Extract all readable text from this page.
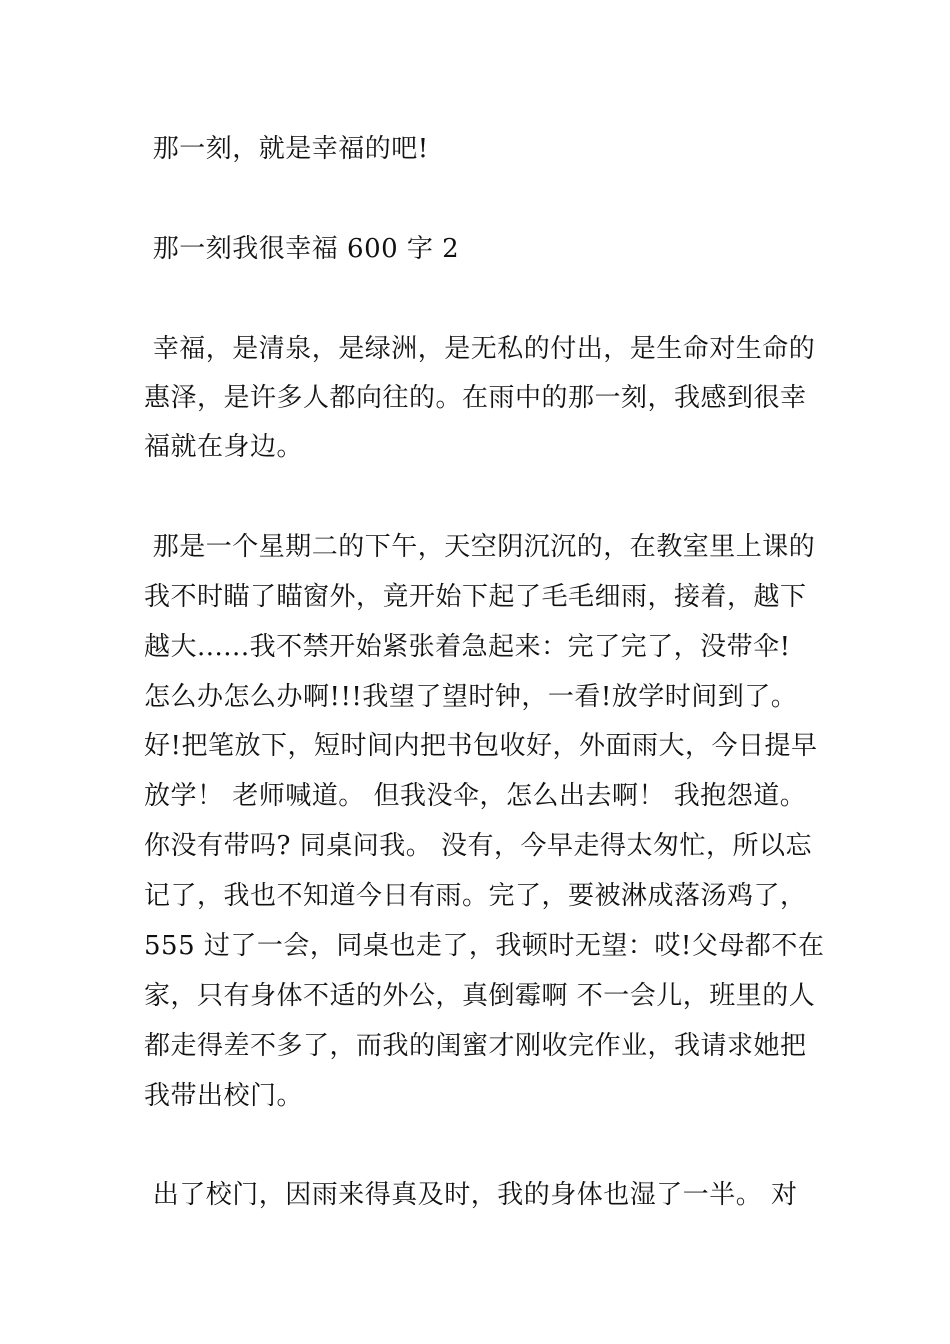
那一刻，就是幸福的吧!
那一刻我很幸福 600 字 2
幸福，是清泉，是绿洲，是无私的付出，是生命对生命的
惠泽，是许多人都向往的。在雨中的那一刻，我感到很幸
福就在身边。
那是一个星期二的下午，天空阴沉沉的，在教室里上课的
我不时瞄了瞄窗外，竟开始下起了毛毛细雨，接着，越下
越大......我不禁开始紧张着急起来：完了完了，没带伞!
怎么办怎么办啊!!!我望了望时钟，一看!放学时间到了。
好!把笔放下，短时间内把书包收好，外面雨大，今日提早
放学！ 老师喊道。 但我没伞，怎么出去啊！ 我抱怨道。
你没有带吗? 同桌问我。 没有，今早走得太匆忙，所以忘
记了，我也不知道今日有雨。完了，要被淋成落汤鸡了，
555 过了一会，同桌也走了，我顿时无望：哎!父母都不在
家，只有身体不适的外公，真倒霉啊 不一会儿，班里的人
都走得差不多了，而我的闺蜜才刚收完作业，我请求她把
我带出校门。
出了校门，因雨来得真及时，我的身体也湿了一半。 对
